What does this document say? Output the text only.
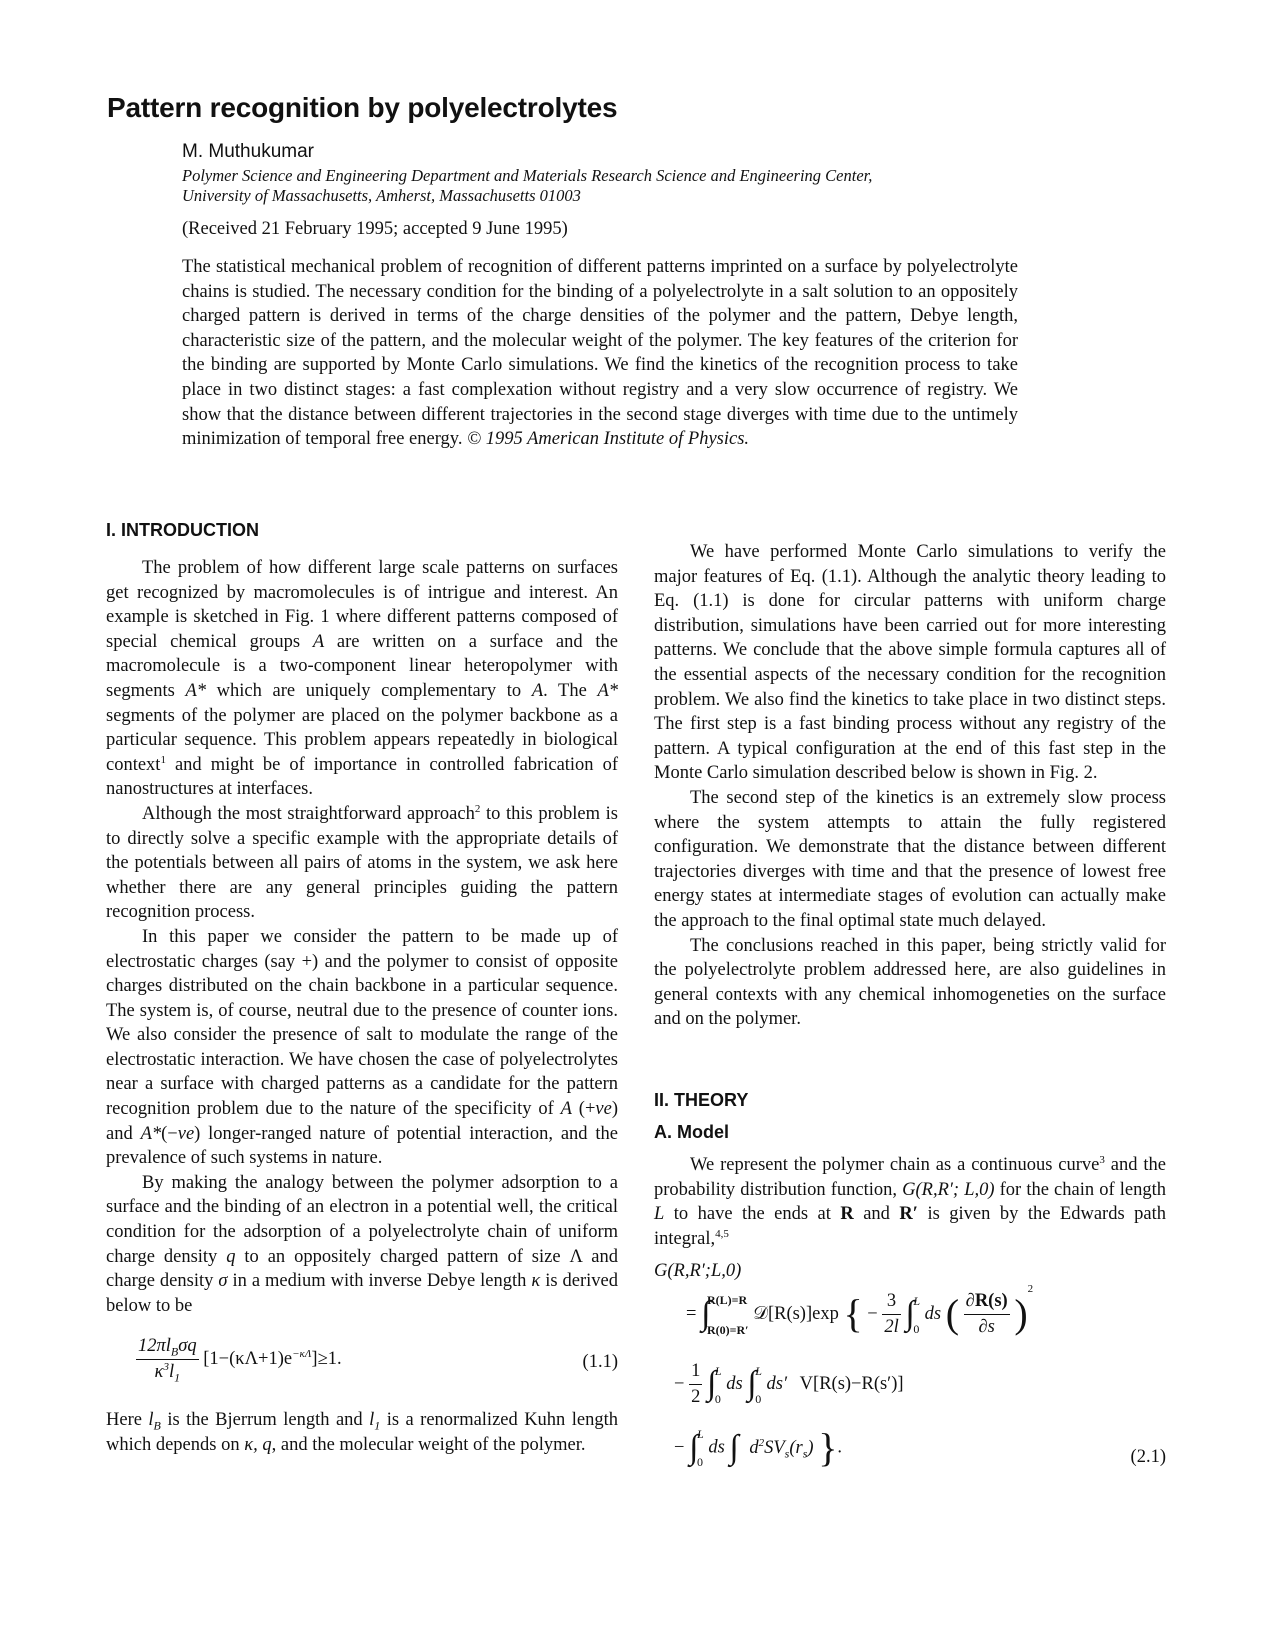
Pattern recognition by polyelectrolytes
M. Muthukumar
Polymer Science and Engineering Department and Materials Research Science and Engineering Center,
University of Massachusetts, Amherst, Massachusetts 01003
(Received 21 February 1995; accepted 9 June 1995)
The statistical mechanical problem of recognition of different patterns imprinted on a surface by polyelectrolyte chains is studied. The necessary condition for the binding of a polyelectrolyte in a salt solution to an oppositely charged pattern is derived in terms of the charge densities of the polymer and the pattern, Debye length, characteristic size of the pattern, and the molecular weight of the polymer. The key features of the criterion for the binding are supported by Monte Carlo simulations. We find the kinetics of the recognition process to take place in two distinct stages: a fast complexation without registry and a very slow occurrence of registry. We show that the distance between different trajectories in the second stage diverges with time due to the untimely minimization of temporal free energy. © 1995 American Institute of Physics.
I. INTRODUCTION

The problem of how different large scale patterns on surfaces get recognized by macromolecules is of intrigue and interest. An example is sketched in Fig. 1 where different patterns composed of special chemical groups A are written on a surface and the macromolecule is a two-component linear heteropolymer with segments A* which are uniquely complementary to A. The A* segments of the polymer are placed on the polymer backbone as a particular sequence. This problem appears repeatedly in biological context$^1$ and might be of importance in controlled fabrication of nanostructures at interfaces.

Although the most straightforward approach$^2$ to this problem is to directly solve a specific example with the appropriate details of the potentials between all pairs of atoms in the system, we ask here whether there are any general principles guiding the pattern recognition process.

In this paper we consider the pattern to be made up of electrostatic charges (say +) and the polymer to consist of opposite charges distributed on the chain backbone in a particular sequence. The system is, of course, neutral due to the presence of counter ions. We also consider the presence of salt to modulate the range of the electrostatic interaction. We have chosen the case of polyelectrolytes near a surface with charged patterns as a candidate for the pattern recognition problem due to the nature of the specificity of A (+ve) and A*(−ve) longer-ranged nature of potential interaction, and the prevalence of such systems in nature.

By making the analogy between the polymer adsorption to a surface and the binding of an electron in a potential well, the critical condition for the adsorption of a polyelectrolyte chain of uniform charge density q to an oppositely charged pattern of size Λ and charge density σ in a medium with inverse Debye length κ is derived below to be

$\frac{12\pi l_B\sigma q}{\kappa^3l_1} [1-(\kappa\Lambda+1)e^{-\kappa\Lambda}]\ge 1$.	(1.1)

Here $l_B$ is the Bjerrum length and $l_1$ is a renormalized Kuhn length which depends on κ, q, and the molecular weight of the polymer.

We have performed Monte Carlo simulations to verify the major features of Eq. (1.1). Although the analytic theory leading to Eq. (1.1) is done for circular patterns with uniform charge distribution, simulations have been carried out for more interesting patterns. We conclude that the above simple formula captures all of the essential aspects of the necessary condition for the recognition problem. We also find the kinetics to take place in two distinct steps. The first step is a fast binding process without any registry of the pattern. A typical configuration at the end of this fast step in the Monte Carlo simulation described below is shown in Fig. 2.

The second step of the kinetics is an extremely slow process where the system attempts to attain the fully registered configuration. We demonstrate that the distance between different trajectories diverges with time and that the presence of lowest free energy states at intermediate stages of evolution can actually make the approach to the final optimal state much delayed.

The conclusions reached in this paper, being strictly valid for the polyelectrolyte problem addressed here, are also guidelines in general contexts with any chemical inhomogeneties on the surface and on the polymer.

II. THEORY
A. Model

We represent the polymer chain as a continuous curve$^3$ and the probability distribution function, G(R,R′; L,0) for the chain of length L to have the ends at R and R′ is given by the Edwards path integral,$^{4,5}$

G(R,R′;L,0)
= ∫
R(L)=R
R(0)=R′
𝒟[R(s)]exp { − $\frac{3}{2l}$ ∫
L
0
ds ( $\frac{\partial R(s)}{\partial s} )^2$
− $\frac{1}{2}$ ∫
L
0
ds ∫
L
0
ds′ V[R(s)−R(s′)]
− ∫
L
0
ds ∫ $d^2SV_s(r_s)$ }.	(2.1)
